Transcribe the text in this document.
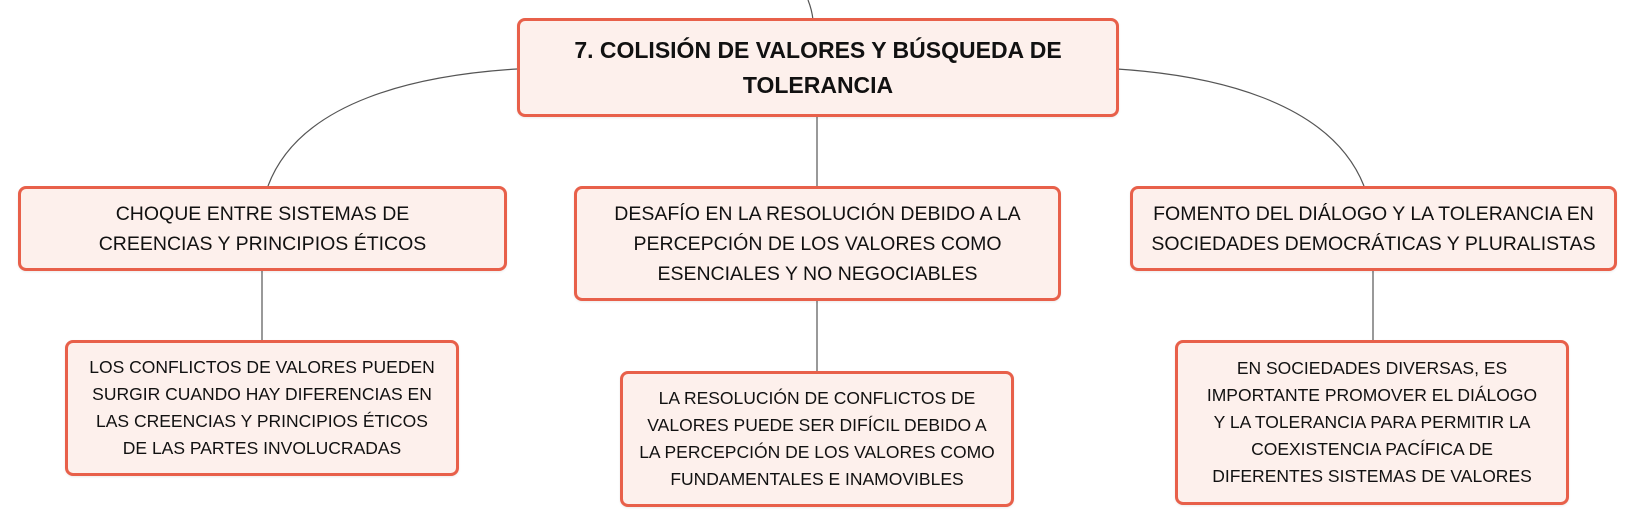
7. COLISIÓN DE VALORES Y BÚSQUEDA DE TOLERANCIA
CHOQUE ENTRE SISTEMAS DE CREENCIAS Y PRINCIPIOS ÉTICOS
DESAFÍO EN LA RESOLUCIÓN DEBIDO A LA PERCEPCIÓN DE LOS VALORES COMO ESENCIALES Y NO NEGOCIABLES
FOMENTO DEL DIÁLOGO Y LA TOLERANCIA EN SOCIEDADES DEMOCRÁTICAS Y PLURALISTAS
LOS CONFLICTOS DE VALORES PUEDEN SURGIR CUANDO HAY DIFERENCIAS EN LAS CREENCIAS Y PRINCIPIOS ÉTICOS DE LAS PARTES INVOLUCRADAS
LA RESOLUCIÓN DE CONFLICTOS DE VALORES PUEDE SER DIFÍCIL DEBIDO A LA PERCEPCIÓN DE LOS VALORES COMO FUNDAMENTALES E INAMOVIBLES
EN SOCIEDADES DIVERSAS, ES IMPORTANTE PROMOVER EL DIÁLOGO Y LA TOLERANCIA PARA PERMITIR LA COEXISTENCIA PACÍFICA DE DIFERENTES SISTEMAS DE VALORES
